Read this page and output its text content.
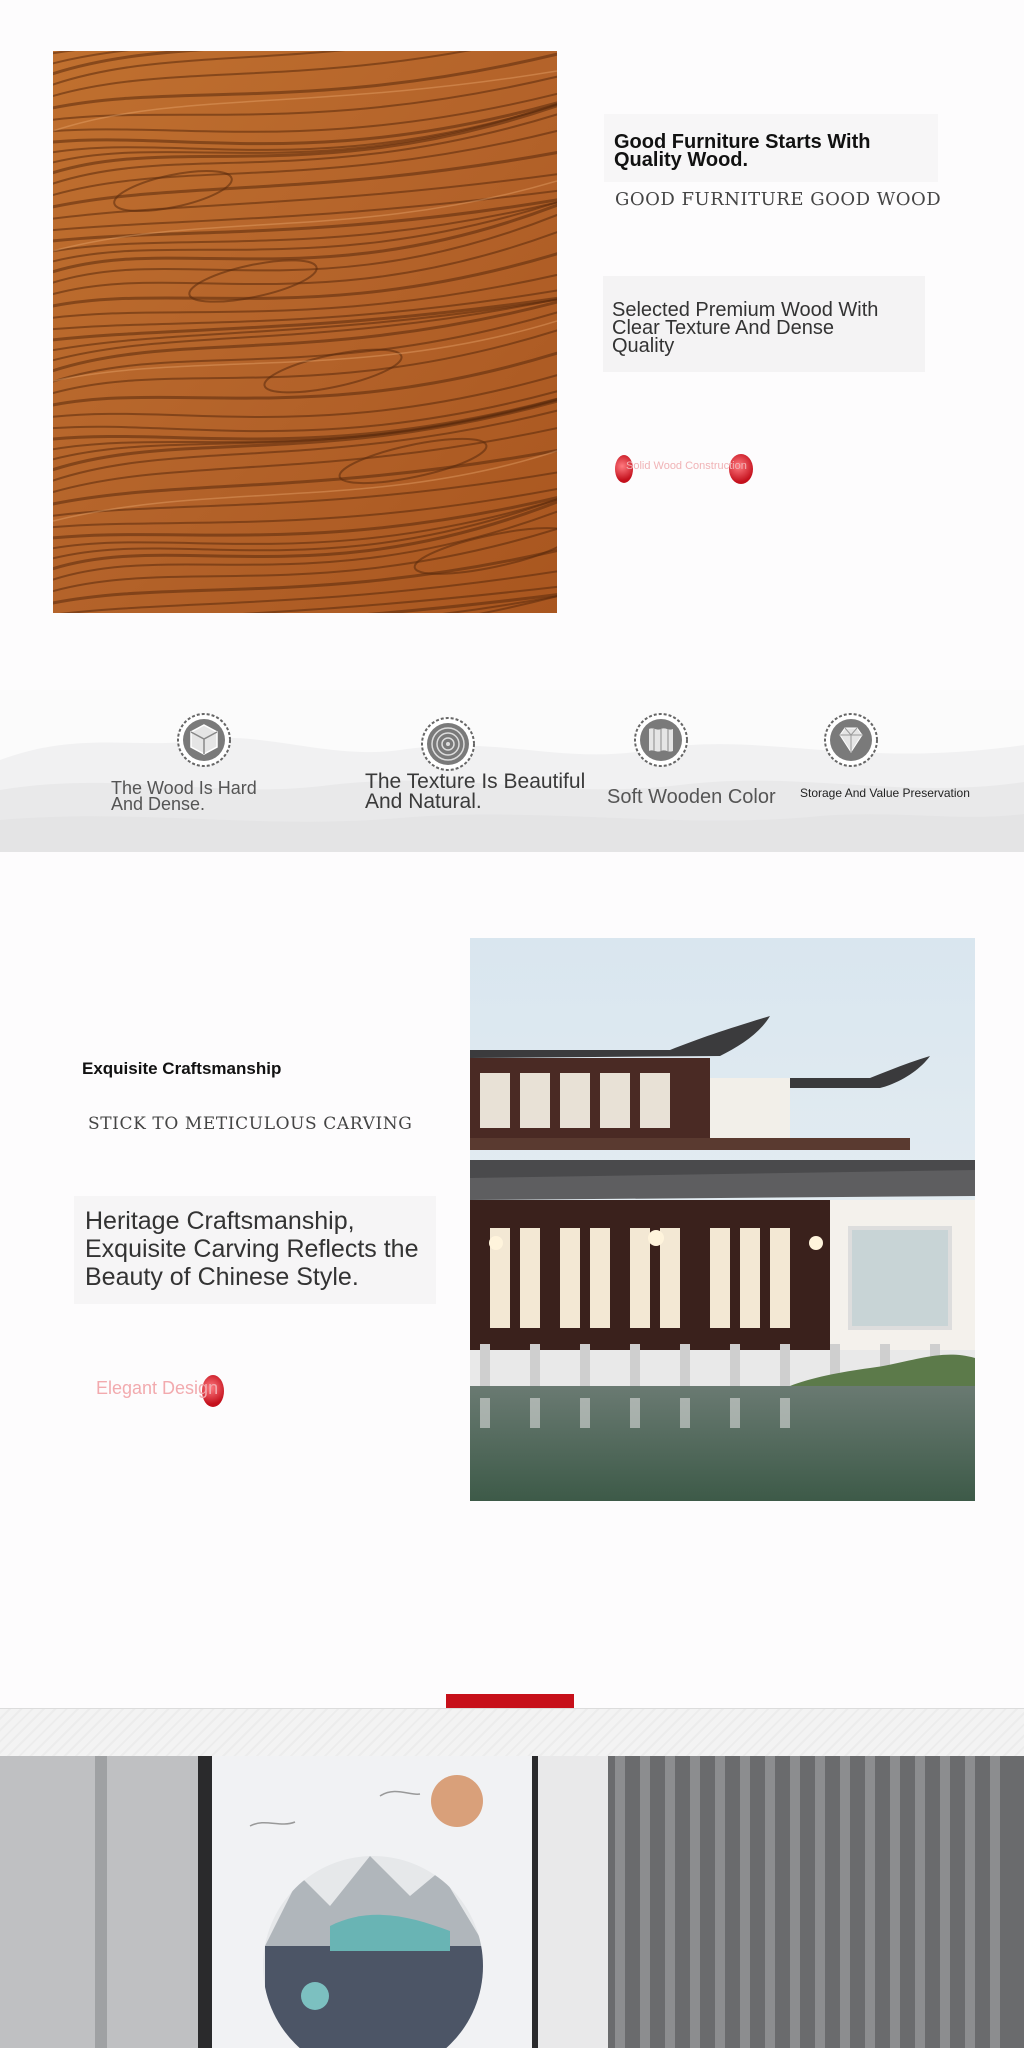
Good Furniture Starts With Quality Wood.
GOOD FURNITURE GOOD WOOD
Selected Premium Wood With Clear Texture And Dense Quality
Solid Wood Construction
The Wood Is Hard And Dense.
The Texture Is Beautiful And Natural.	Soft Wooden Color	Storage And Value Preservation
Exquisite Craftsmanship
STICK TO METICULOUS CARVING
Heritage Craftsmanship, Exquisite Carving Reflects the Beauty of Chinese Style.
Elegant Design
